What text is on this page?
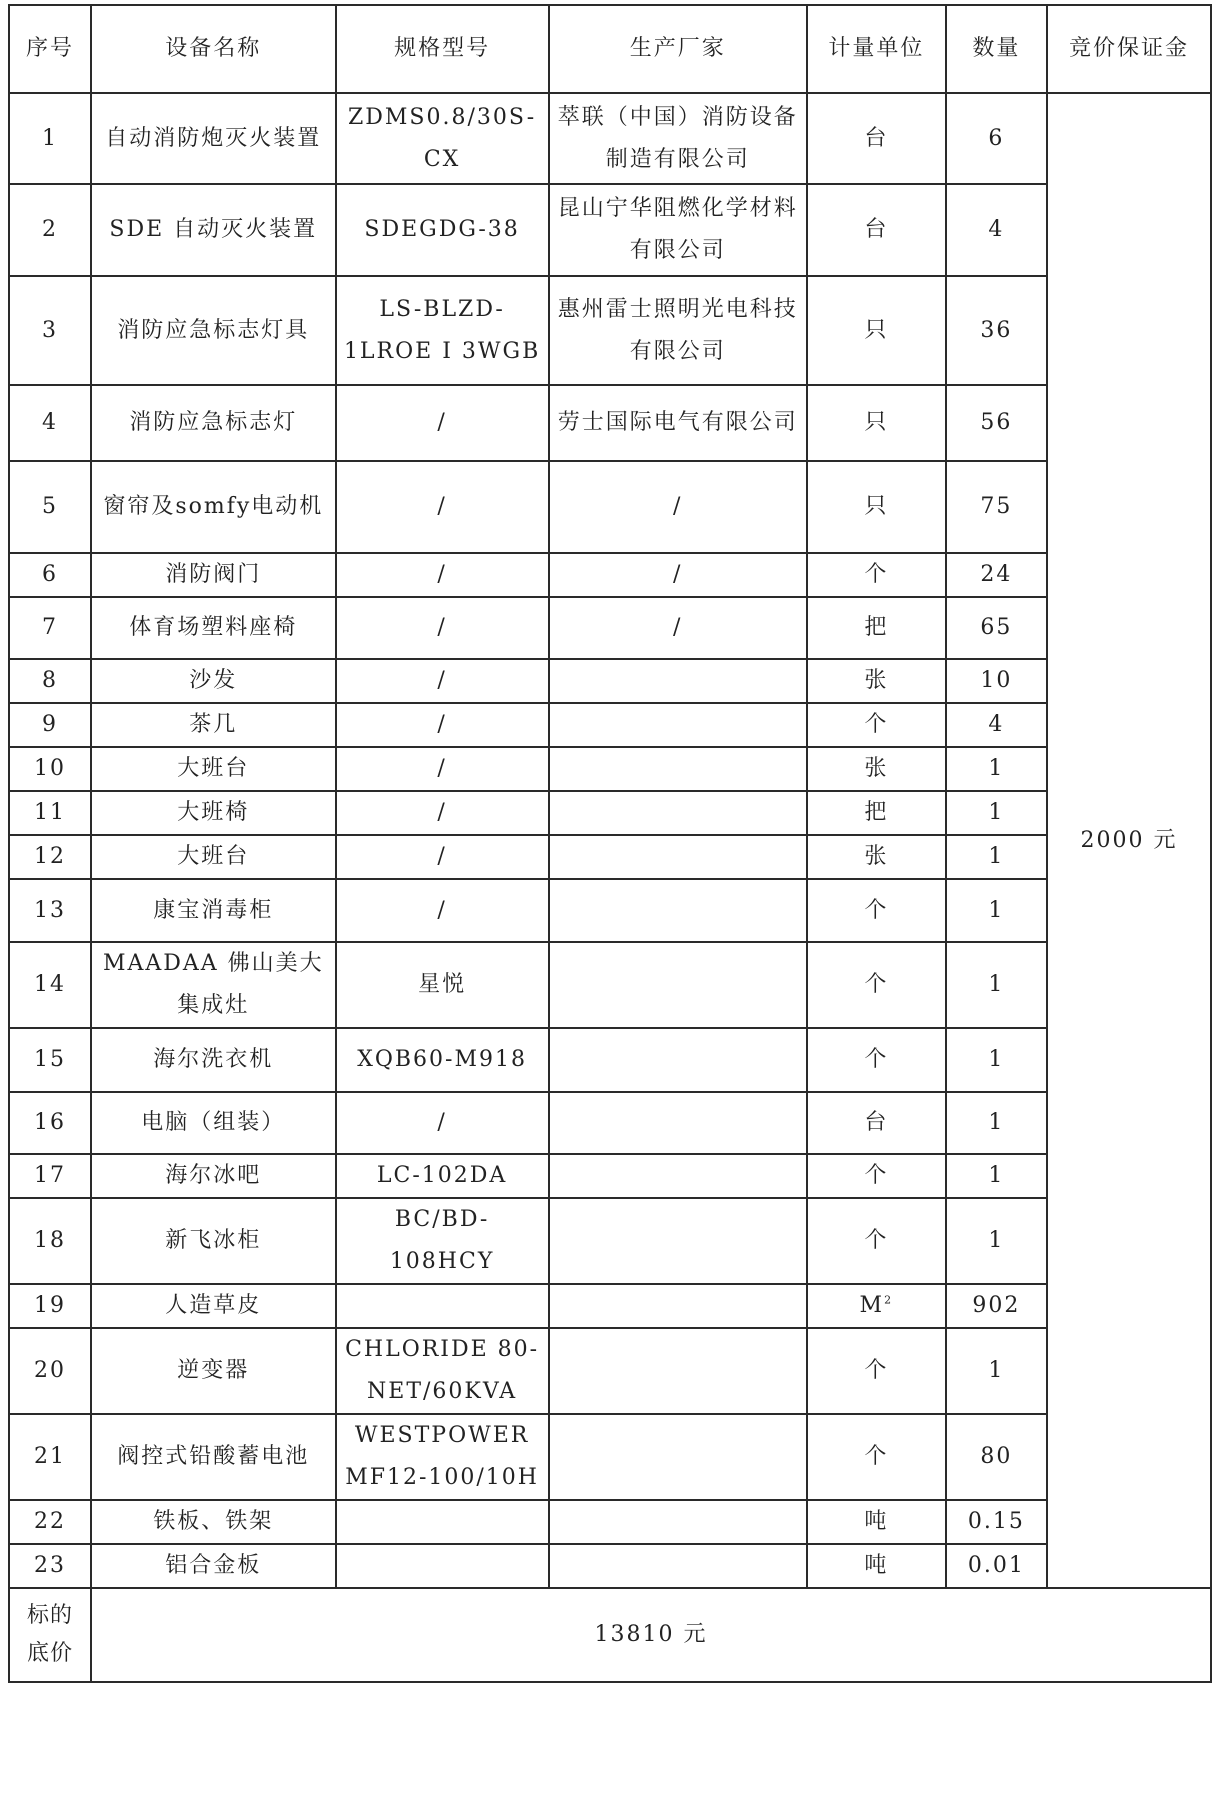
序号	设备名称	规格型号	生产厂家	计量单位	数量	竞价保证金
1	自动消防炮灭火装置	ZDMS0.8/30S-CX	萃联（中国）消防设备制造有限公司	台	6	2000 元
2	SDE 自动灭火装置	SDEGDG-38	昆山宁华阻燃化学材料有限公司	台	4	
3	消防应急标志灯具	LS-BLZD-1LROE I 3WGB	惠州雷士照明光电科技有限公司	只	36	
4	消防应急标志灯	/	劳士国际电气有限公司	只	56	
5	窗帘及somfy电动机	/	/	只	75	
6	消防阀门	/	/	个	24	
7	体育场塑料座椅	/	/	把	65	
8	沙发	/		张	10	
9	茶几	/		个	4	
10	大班台	/		张	1	
11	大班椅	/		把	1	
12	大班台	/		张	1	
13	康宝消毒柜	/		个	1	
14	MAADAA 佛山美大集成灶	星悦		个	1	
15	海尔洗衣机	XQB60-M918		个	1	
16	电脑（组装）	/		台	1	
17	海尔冰吧	LC-102DA		个	1	
18	新飞冰柜	BC/BD-108HCY		个	1	
19	人造草皮			$M^2$	902	
20	逆变器	CHLORIDE 80-NET/60KVA		个	1	
21	阀控式铅酸蓄电池	WESTPOWER MF12-100/10H		个	80	
22	铁板、铁架			吨	0.15	
23	铝合金板			吨	0.01	
标的底价	13810 元					
